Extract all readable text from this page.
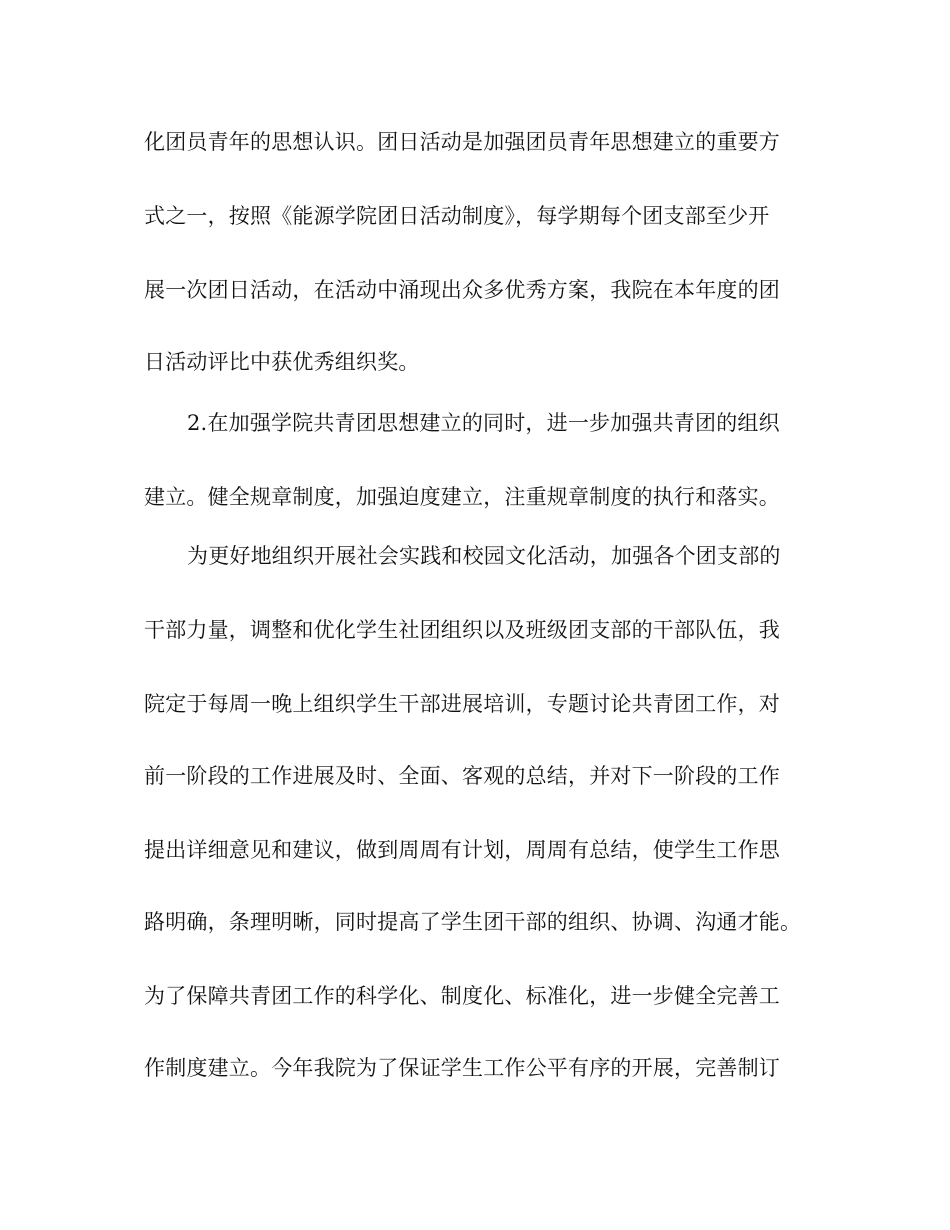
化团员青年的思想认识。团日活动是加强团员青年思想建立的重要方
式之一，按照《能源学院团日活动制度》，每学期每个团支部至少开
展一次团日活动，在活动中涌现出众多优秀方案，我院在本年度的团
日活动评比中获优秀组织奖。
2.在加强学院共青团思想建立的同时，进一步加强共青团的组织
建立。健全规章制度，加强迫度建立，注重规章制度的执行和落实。
为更好地组织开展社会实践和校园文化活动，加强各个团支部的
干部力量，调整和优化学生社团组织以及班级团支部的干部队伍，我
院定于每周一晚上组织学生干部进展培训，专题讨论共青团工作，对
前一阶段的工作进展及时、全面、客观的总结，并对下一阶段的工作
提出详细意见和建议，做到周周有计划，周周有总结，使学生工作思
路明确，条理明晰，同时提高了学生团干部的组织、协调、沟通才能。
为了保障共青团工作的科学化、制度化、标准化，进一步健全完善工
作制度建立。今年我院为了保证学生工作公平有序的开展，完善制订
